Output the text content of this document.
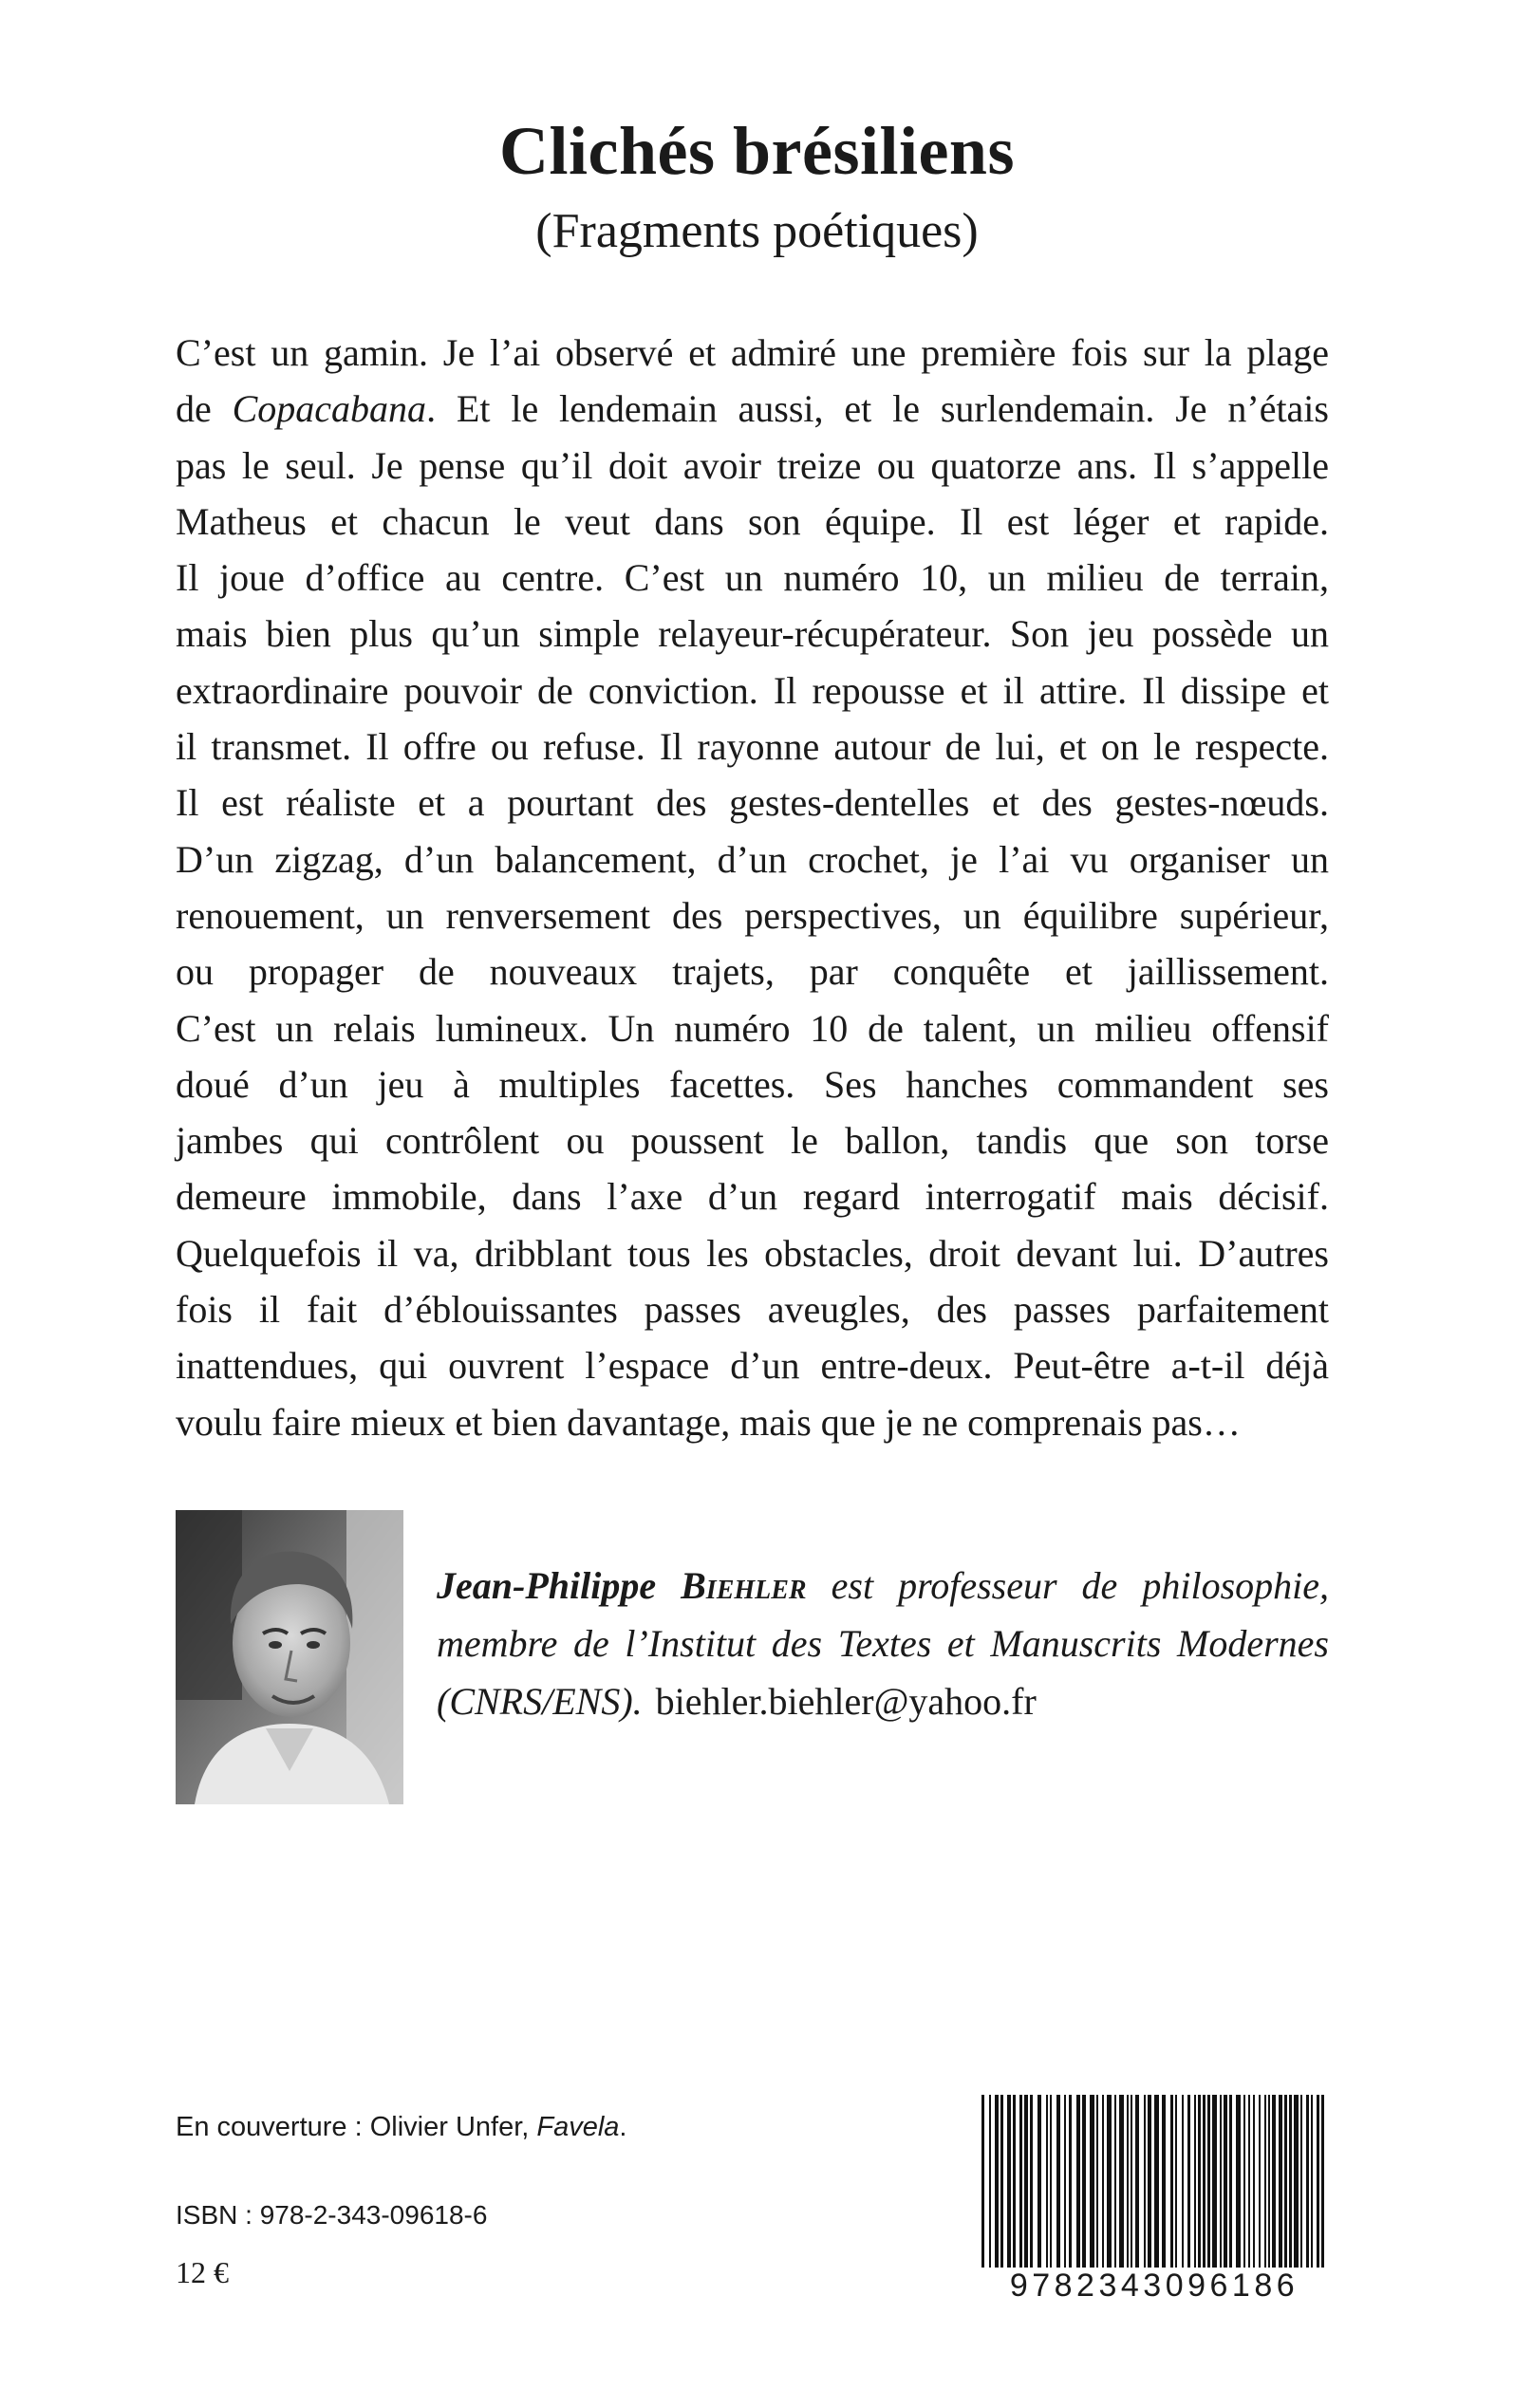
Clichés brésiliens
(Fragments poétiques)
C’est un gamin. Je l’ai observé et admiré une première fois sur la plage
de Copacabana. Et le lendemain aussi, et le surlendemain. Je n’étais
pas le seul. Je pense qu’il doit avoir treize ou quatorze ans. Il s’appelle
Matheus et chacun le veut dans son équipe. Il est léger et rapide.
Il joue d’office au centre. C’est un numéro 10, un milieu de terrain,
mais bien plus qu’un simple relayeur-récupérateur. Son jeu possède un
extraordinaire pouvoir de conviction. Il repousse et il attire. Il dissipe et
il transmet. Il offre ou refuse. Il rayonne autour de lui, et on le respecte.
Il est réaliste et a pourtant des gestes-dentelles et des gestes-nœuds.
D’un zigzag, d’un balancement, d’un crochet, je l’ai vu organiser un
renouement, un renversement des perspectives, un équilibre supérieur,
ou propager de nouveaux trajets, par conquête et jaillissement.
C’est un relais lumineux. Un numéro 10 de talent, un milieu offensif
doué d’un jeu à multiples facettes. Ses hanches commandent ses
jambes qui contrôlent ou poussent le ballon, tandis que son torse
demeure immobile, dans l’axe d’un regard interrogatif mais décisif.
Quelquefois il va, dribblant tous les obstacles, droit devant lui. D’autres
fois il fait d’éblouissantes passes aveugles, des passes parfaitement
inattendues, qui ouvrent l’espace d’un entre-deux. Peut-être a-t-il déjà
voulu faire mieux et bien davantage, mais que je ne comprenais pas…
Jean-Philippe Biehler est professeur de philosophie,
membre de l’Institut des Textes et Manuscrits Modernes
(CNRS/ENS). biehler.biehler@yahoo.fr
En couverture : Olivier Unfer, Favela.
ISBN : 978-2-343-09618-6
12 €	9782343096186
